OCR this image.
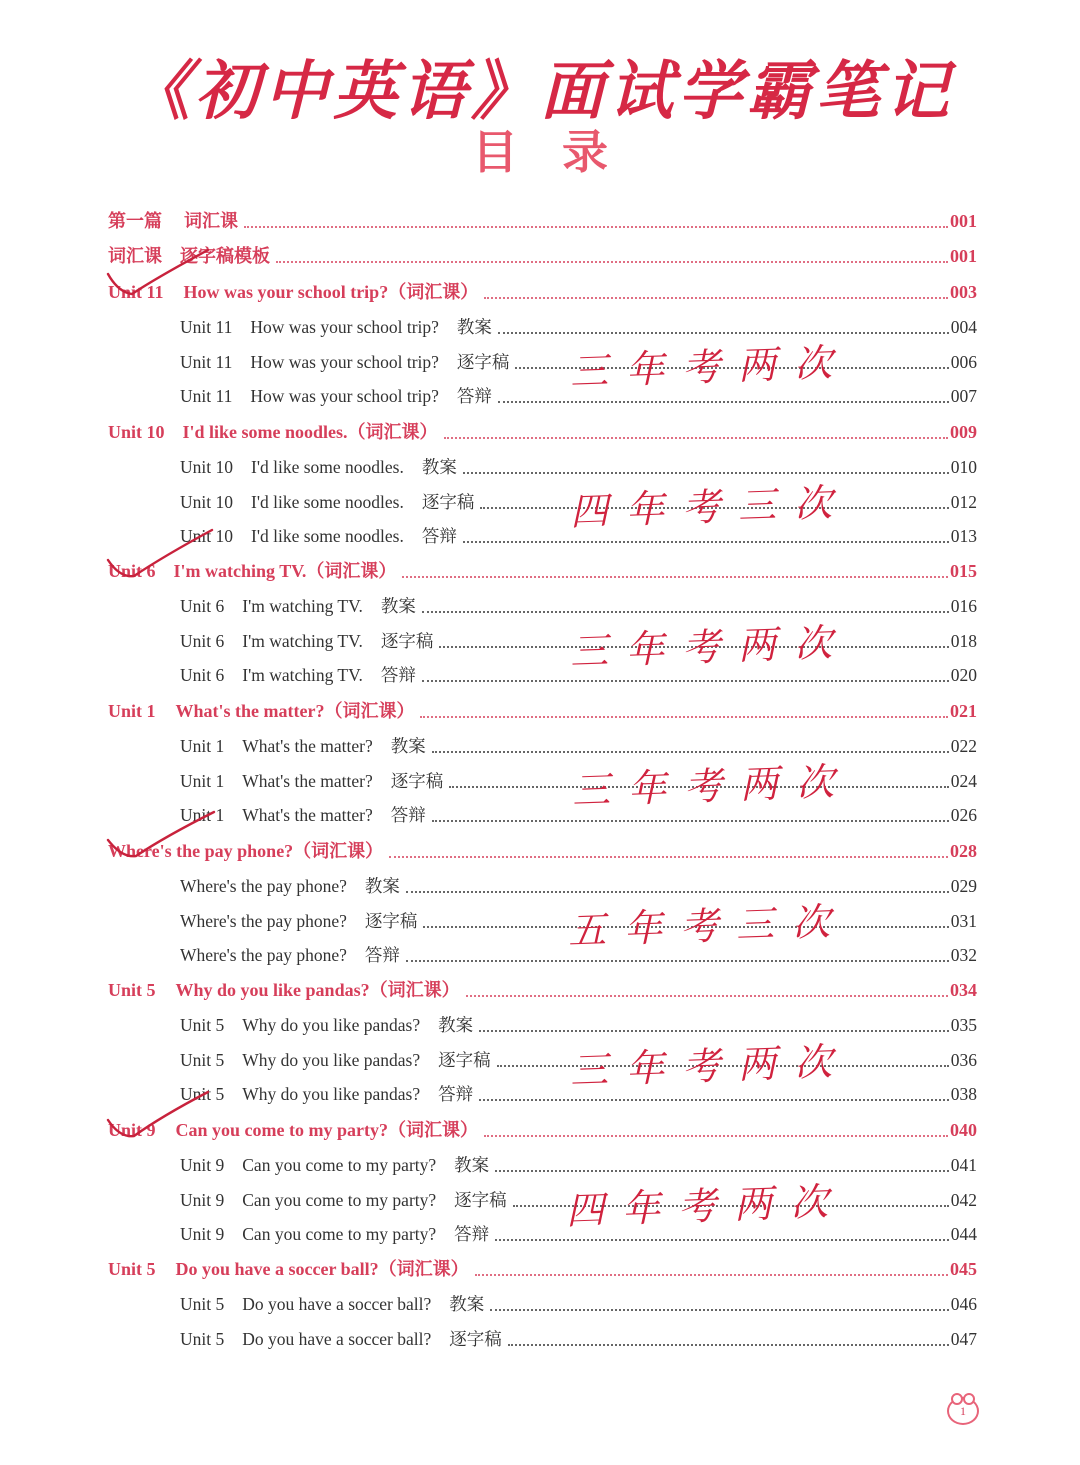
《初中英语》面试学霸笔记
目录
第一篇 词汇课	001
词汇课 逐字稿模板	001
Unit 11 How was your school trip?（词汇课）	003
Unit 11 How was your school trip? 教案	004
Unit 11 How was your school trip? 逐字稿	006
Unit 11 How was your school trip? 答辩	007
Unit 10 I'd like some noodles.（词汇课）	009
Unit 10 I'd like some noodles. 教案	010
Unit 10 I'd like some noodles. 逐字稿	012
Unit 10 I'd like some noodles. 答辩	013
Unit 6 I'm watching TV.（词汇课）	015
Unit 6 I'm watching TV. 教案	016
Unit 6 I'm watching TV. 逐字稿	018
Unit 6 I'm watching TV. 答辩	020
Unit 1 What's the matter?（词汇课）	021
Unit 1 What's the matter? 教案	022
Unit 1 What's the matter? 逐字稿	024
Unit 1 What's the matter? 答辩	026
Where's the pay phone?（词汇课）	028
Where's the pay phone? 教案	029
Where's the pay phone? 逐字稿	031
Where's the pay phone? 答辩	032
Unit 5 Why do you like pandas?（词汇课）	034
Unit 5 Why do you like pandas? 教案	035
Unit 5 Why do you like pandas? 逐字稿	036
Unit 5 Why do you like pandas? 答辩	038
Unit 9 Can you come to my party?（词汇课）	040
Unit 9 Can you come to my party? 教案	041
Unit 9 Can you come to my party? 逐字稿	042
Unit 9 Can you come to my party? 答辩	044
Unit 5 Do you have a soccer ball?（词汇课）	045
Unit 5 Do you have a soccer ball? 教案	046
Unit 5 Do you have a soccer ball? 逐字稿	047
三年考两次
四年考三次
三年考两次
三年考两次
五年考三次
三年考两次
四年考两次
1
